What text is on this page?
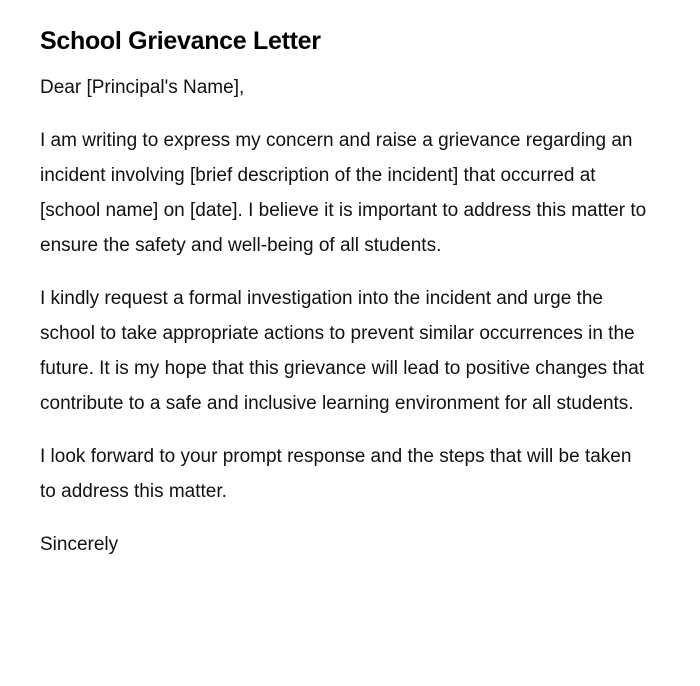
School Grievance Letter

Dear [Principal's Name],

I am writing to express my concern and raise a grievance regarding an incident involving [brief description of the incident] that occurred at [school name] on [date]. I believe it is important to address this matter to ensure the safety and well-being of all students.

I kindly request a formal investigation into the incident and urge the school to take appropriate actions to prevent similar occurrences in the future. It is my hope that this grievance will lead to positive changes that contribute to a safe and inclusive learning environment for all students.

I look forward to your prompt response and the steps that will be taken to address this matter.

Sincerely
